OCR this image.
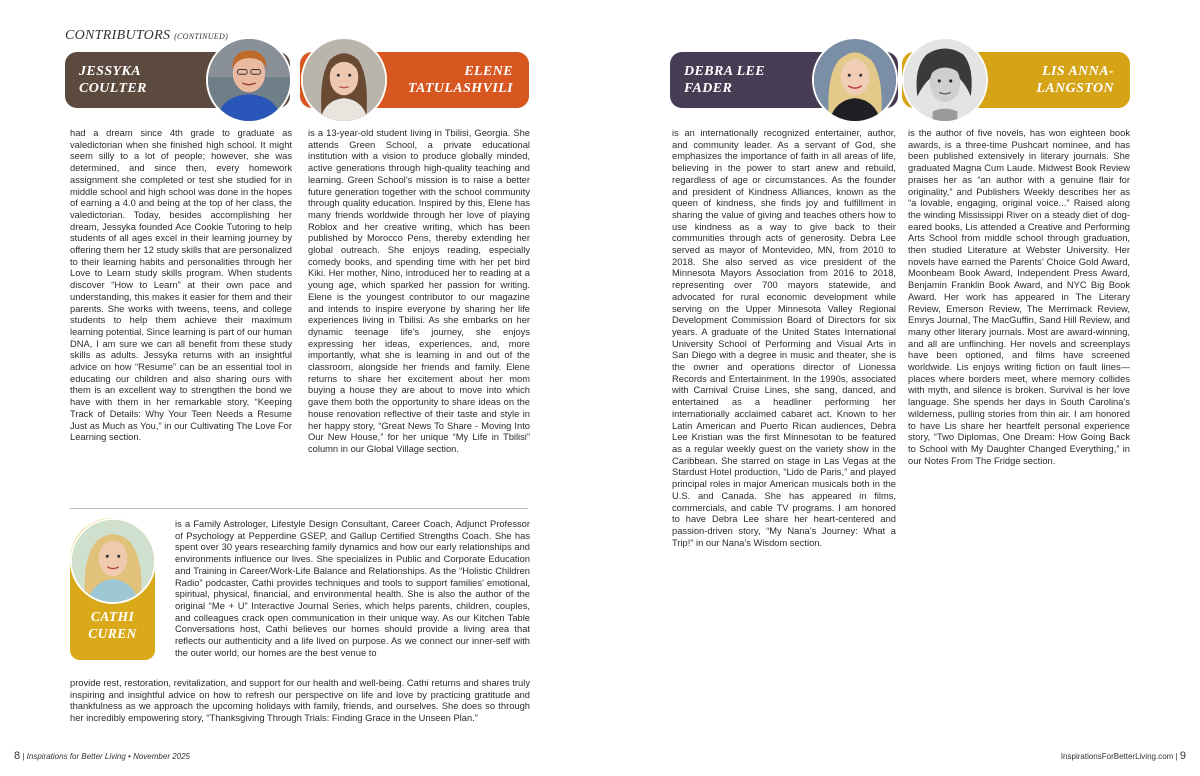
CONTRIBUTORS (CONTINUED)
JESSYKA COULTER
ELENE TATULASHVILI
had a dream since 4th grade to graduate as valedictorian when she finished high school. It might seem silly to a lot of people; however, she was determined, and since then, every homework assignment she completed or test she studied for in middle school and high school was done in the hopes of earning a 4.0 and being at the top of her class, the valedictorian. Today, besides accomplishing her dream, Jessyka founded Ace Cookie Tutoring to help students of all ages excel in their learning journey by offering them her 12 study skills that are personalized to their learning habits and personalities through her Love to Learn study skills program. When students discover “How to Learn” at their own pace and understanding, this makes it easier for them and their parents. She works with tweens, teens, and college students to help them achieve their maximum learning potential. Since learning is part of our human DNA, I am sure we can all benefit from these study skills as adults. Jessyka returns with an insightful advice on how “Resume” can be an essential tool in educating our children and also sharing ours with them is an excellent way to strengthen the bond we have with them in her remarkable story, “Keeping Track of Details: Why Your Teen Needs a Resume Just as Much as You,” in our Cultivating The Love For Learning section.
is a 13-year-old student living in Tbilisi, Georgia. She attends Green School, a private educational institution with a vision to produce globally minded, active generations through high-quality teaching and learning. Green School’s mission is to raise a better future generation together with the school community through quality education. Inspired by this, Elene has many friends worldwide through her love of playing Roblox and her creative writing, which has been published by Morocco Pens, thereby extending her global outreach. She enjoys reading, especially comedy books, and spending time with her pet bird Kiki. Her mother, Nino, introduced her to reading at a young age, which sparked her passion for writing. Elene is the youngest contributor to our magazine and intends to inspire everyone by sharing her life experiences living in Tbilisi. As she embarks on her dynamic teenage life’s journey, she enjoys expressing her ideas, experiences, and, more importantly, what she is learning in and out of the classroom, alongside her friends and family. Elene returns to share her excitement about her mom buying a house they are about to move into which gave them both the opportunity to share ideas on the house renovation reflective of their taste and style in her happy story, “Great News To Share - Moving Into Our New House,” for her unique “My Life in Tbilisi” column in our Global Village section.
CATHI CUREN
is a Family Astrologer, Lifestyle Design Consultant, Career Coach, Adjunct Professor of Psychology at Pepperdine GSEP, and Gallup Certified Strengths Coach. She has spent over 30 years researching family dynamics and how our early relationships and environments influence our lives. She specializes in Public and Corporate Education and Training in Career/Work-Life Balance and Relationships. As the “Holistic Children Radio” podcaster, Cathi provides techniques and tools to support families’ emotional, spiritual, physical, financial, and environmental health. She is also the author of the original “Me + U” Interactive Journal Series, which helps parents, children, couples, and colleagues crack open communication in their unique way. As our Kitchen Table Conversations host, Cathi believes our homes should provide a living area that reflects our authenticity and a life lived on purpose. As we connect our inner-self with the outer world, our homes are the best venue to
provide rest, restoration, revitalization, and support for our health and well-being. Cathi returns and shares truly inspiring and insightful advice on how to refresh our perspective on life and love by practicing gratitude and thankfulness as we approach the upcoming holidays with family, friends, and ourselves. She does so through her incredibly empowering story, “Thanksgiving Through Trials: Finding Grace in the Unseen Plan.”
DEBRA LEE FADER
LIS ANNA-LANGSTON
is an internationally recognized entertainer, author, and community leader. As a servant of God, she emphasizes the importance of faith in all areas of life, believing in the power to start anew and rebuild, regardless of age or circumstances. As the founder and president of Kindness Alliances, known as the queen of kindness, she finds joy and fulfillment in sharing the value of giving and teaches others how to use kindness as a way to give back to their communities through acts of generosity. Debra Lee served as mayor of Montevideo, MN, from 2010 to 2018. She also served as vice president of the Minnesota Mayors Association from 2016 to 2018, representing over 700 mayors statewide, and advocated for rural economic development while serving on the Upper Minnesota Valley Regional Development Commission Board of Directors for six years. A graduate of the United States International University School of Performing and Visual Arts in San Diego with a degree in music and theater, she is the owner and operations director of Lionessa Records and Entertainment. In the 1990s, associated with Carnival Cruise Lines, she sang, danced, and entertained as a headliner performing her internationally acclaimed cabaret act. Known to her Latin American and Puerto Rican audiences, Debra Lee Kristian was the first Minnesotan to be featured as a regular weekly guest on the variety show in the Caribbean. She starred on stage in Las Vegas at the Stardust Hotel production, “Lido de Paris,” and played principal roles in major American musicals both in the U.S. and Canada. She has appeared in films, commercials, and cable TV programs. I am honored to have Debra Lee share her heart-centered and passion-driven story, “My Nana’s Journey: What a Trip!” in our Nana’s Wisdom section.
is the author of five novels, has won eighteen book awards, is a three-time Pushcart nominee, and has been published extensively in literary journals. She graduated Magna Cum Laude. Midwest Book Review praises her as “an author with a genuine flair for originality,” and Publishers Weekly describes her as “a lovable, engaging, original voice...” Raised along the winding Mississippi River on a steady diet of dog-eared books, Lis attended a Creative and Performing Arts School from middle school through graduation, then studied Literature at Webster University. Her novels have earned the Parents’ Choice Gold Award, Moonbeam Book Award, Independent Press Award, Benjamin Franklin Book Award, and NYC Big Book Award. Her work has appeared in The Literary Review, Emerson Review, The Merrimack Review, Emrys Journal, The MacGuffin, Sand Hill Review, and many other literary journals. Most are award-winning, and all are unflinching. Her novels and screenplays have been optioned, and films have screened worldwide. Lis enjoys writing fiction on fault lines—places where borders meet, where memory collides with myth, and silence is broken. Survival is her love language. She spends her days in South Carolina’s wilderness, pulling stories from thin air. I am honored to have Lis share her heartfelt personal experience story, “Two Diplomas, One Dream: How Going Back to School with My Daughter Changed Everything,” in our Notes From The Fridge section.
8 | Inspirations for Better Living • November 2025	InspirationsForBetterLiving.com | 9
